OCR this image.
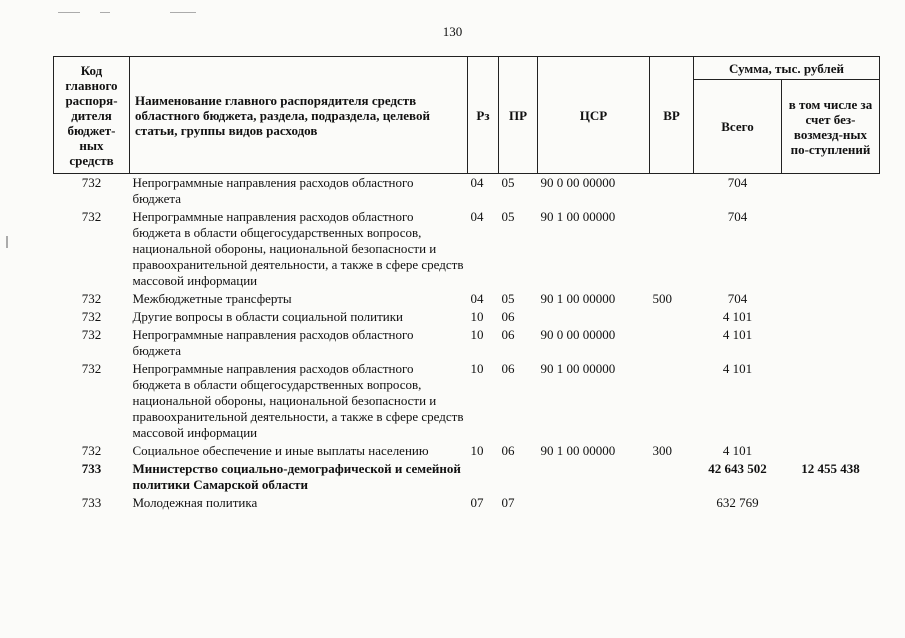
130
Код главного распоря-дителя бюджет-ных средств	Наименование главного распорядителя средств областного бюджета, раздела, подраздела, целевой статьи, группы видов расходов	Рз	ПР	ЦСР	ВР	Сумма, тыс. рублей	
						Всего	в том числе за счет без-возмезд-ных по-ступлений
732	Непрограммные направления расходов областного бюджета	04	05	90 0 00 00000		704	
732	Непрограммные направления расходов областного бюджета в области общегосударственных вопросов, национальной обороны, национальной безопасности и правоохранительной деятельности, а также в сфере средств массовой информации	04	05	90 1 00 00000		704	
732	Межбюджетные трансферты	04	05	90 1 00 00000	500	704	
732	Другие вопросы в области социальной политики	10	06			4 101	
732	Непрограммные направления расходов областного бюджета	10	06	90 0 00 00000		4 101	
732	Непрограммные направления расходов областного бюджета в области общегосударственных вопросов, национальной обороны, национальной безопасности и правоохранительной деятельности, а также в сфере средств массовой информации	10	06	90 1 00 00000		4 101	
732	Социальное обеспечение и иные выплаты населению	10	06	90 1 00 00000	300	4 101	
733	Министерство социально-демографической и семейной политики Самарской области					42 643 502	12 455 438
733	Молодежная политика	07	07			632 769	
